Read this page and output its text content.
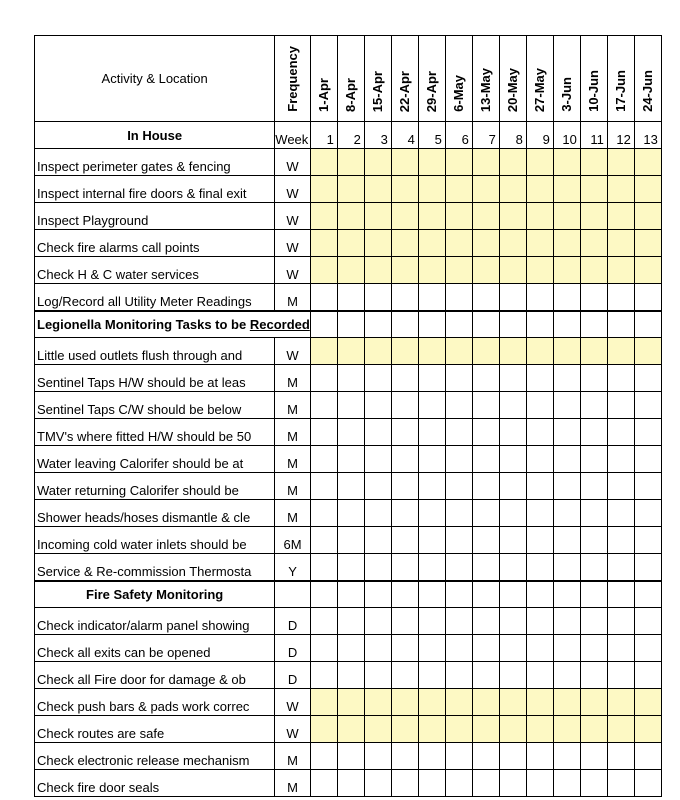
Activity & Location	Frequency	1-Apr	8-Apr	15-Apr	22-Apr	29-Apr	6-May	13-May	20-May	27-May	3-Jun	10-Jun	17-Jun	24-Jun
In House	Week	1	2	3	4	5	6	7	8	9	10	11	12	13
Inspect perimeter gates & fencing	W													
Inspect internal fire doors & final exit	W													
Inspect Playground	W													
Check fire alarms call points	W													
Check H & C water services	W													
Log/Record all Utility Meter Readings	M													
Legionella Monitoring Tasks to be Recorded														
Little used outlets flush through and	W													
Sentinel Taps H/W should be at leas	M													
Sentinel Taps C/W should be below	M													
TMV's where fitted H/W should be 50	M													
Water leaving Calorifer should be at	M													
Water returning Calorifer should be	M													
Shower heads/hoses dismantle & cle	M													
Incoming cold water inlets should be	6M													
Service & Re-commission Thermosta	Y													
Fire Safety Monitoring														
Check indicator/alarm panel showing	D													
Check all exits can be opened	D													
Check all Fire door for damage & ob	D													
Check push bars & pads work correc	W													
Check routes are safe	W													
Check electronic release mechanism	M													
Check fire door seals	M													
